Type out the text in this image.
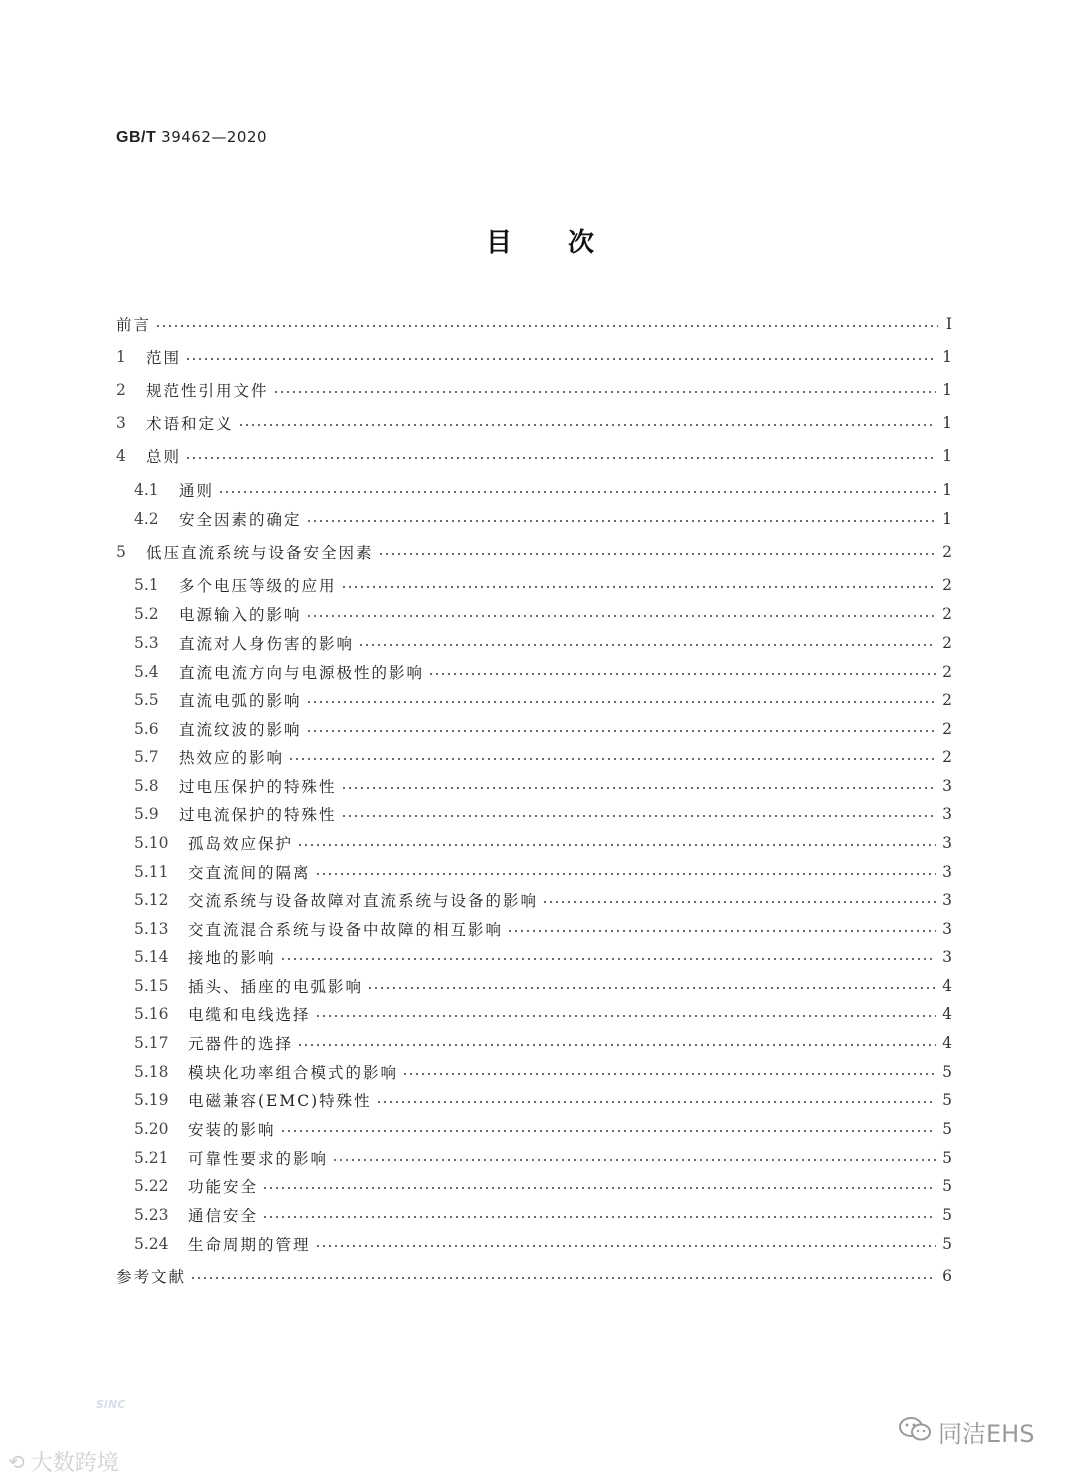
GB/T 39462—2020
目 次
前言	Ⅰ
1	范围	1
2	规范性引用文件	1
3	术语和定义	1
4	总则	1
4.1	通则	1
4.2	安全因素的确定	1
5	低压直流系统与设备安全因素	2
5.1	多个电压等级的应用	2
5.2	电源输入的影响	2
5.3	直流对人身伤害的影响	2
5.4	直流电流方向与电源极性的影响	2
5.5	直流电弧的影响	2
5.6	直流纹波的影响	2
5.7	热效应的影响	2
5.8	过电压保护的特殊性	3
5.9	过电流保护的特殊性	3
5.10	孤岛效应保护	3
5.11	交直流间的隔离	3
5.12	交流系统与设备故障对直流系统与设备的影响	3
5.13	交直流混合系统与设备中故障的相互影响	3
5.14	接地的影响	3
5.15	插头、插座的电弧影响	4
5.16	电缆和电线选择	4
5.17	元器件的选择	4
5.18	模块化功率组合模式的影响	5
5.19	电磁兼容(EMC)特殊性	5
5.20	安装的影响	5
5.21	可靠性要求的影响	5
5.22	功能安全	5
5.23	通信安全	5
5.24	生命周期的管理	5
参考文献	6
SINC
⟲ 大数跨境
同洁EHS
